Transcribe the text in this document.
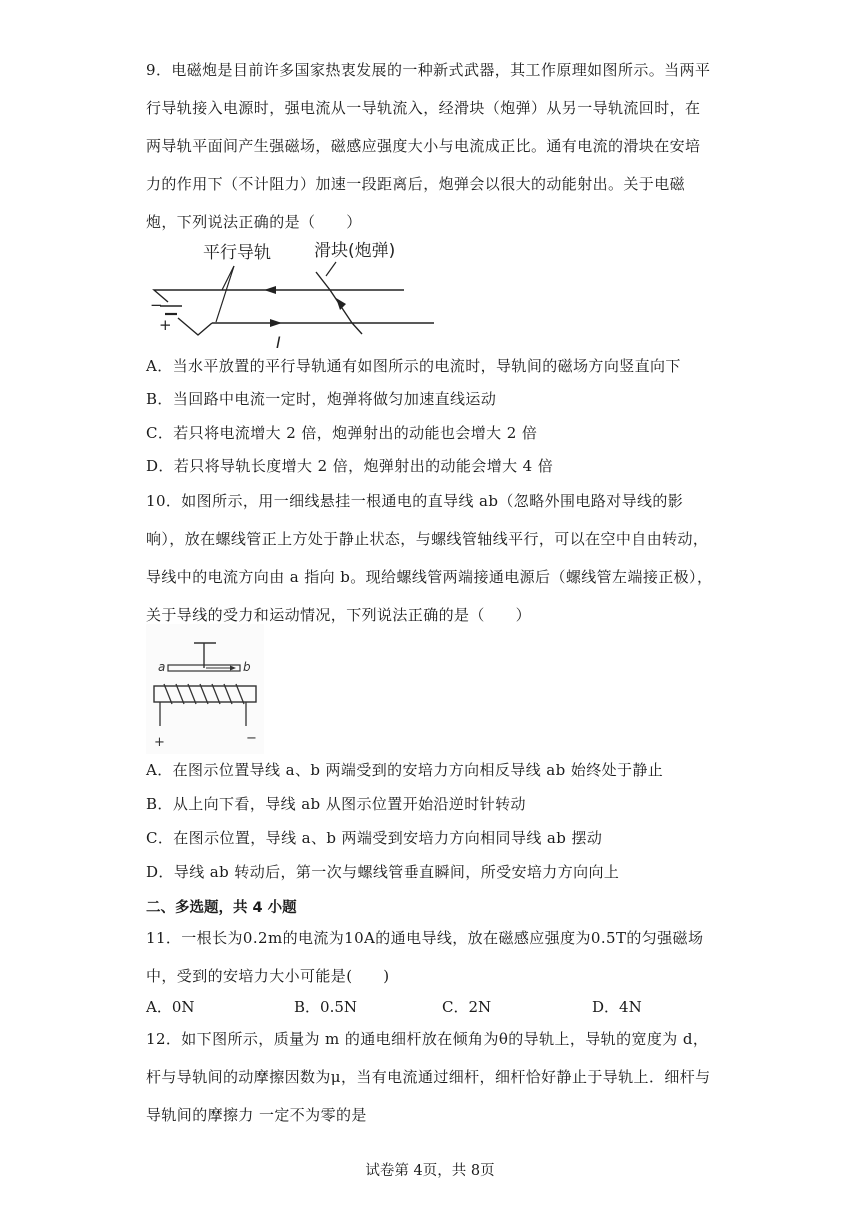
9．电磁炮是目前许多国家热衷发展的一种新式武器，其工作原理如图所示。当两平行导轨接入电源时，强电流从一导轨流入，经滑块（炮弹）从另一导轨流回时，在两导轨平面间产生强磁场，磁感应强度大小与电流成正比。通有电流的滑块在安培力的作用下（不计阻力）加速一段距离后，炮弹会以很大的动能射出。关于电磁炮，下列说法正确的是（　　）

平行导轨	滑块(炮弹)
−
+
I
A．当水平放置的平行导轨通有如图所示的电流时，导轨间的磁场方向竖直向下
B．当回路中电流一定时，炮弹将做匀加速直线运动
C．若只将电流增大 2 倍，炮弹射出的动能也会增大 2 倍
D．若只将导轨长度增大 2 倍，炮弹射出的动能会增大 4 倍

10．如图所示，用一细线悬挂一根通电的直导线 ab（忽略外围电路对导线的影响），放在螺线管正上方处于静止状态，与螺线管轴线平行，可以在空中自由转动，导线中的电流方向由 a 指向 b。现给螺线管两端接通电源后（螺线管左端接正极），关于导线的受力和运动情况，下列说法正确的是（　　）

a	b
+	−
A．在图示位置导线 a、b 两端受到的安培力方向相反导线 ab 始终处于静止
B．从上向下看，导线 ab 从图示位置开始沿逆时针转动
C．在图示位置，导线 a、b 两端受到安培力方向相同导线 ab 摆动
D．导线 ab 转动后，第一次与螺线管垂直瞬间，所受安培力方向向上
二、多选题，共 4 小题

11．一根长为0.2m的电流为10A的通电导线，放在磁感应强度为0.5T的匀强磁场中，受到的安培力大小可能是(　　)

A．0N	B．0.5N	C．2N	D．4N

12．如下图所示，质量为 m 的通电细杆放在倾角为θ的导轨上，导轨的宽度为 d，杆与导轨间的动摩擦因数为μ，当有电流通过细杆，细杆恰好静止于导轨上．细杆与导轨间的摩擦力 一定不为零的是

试卷第 4页，共 8页
